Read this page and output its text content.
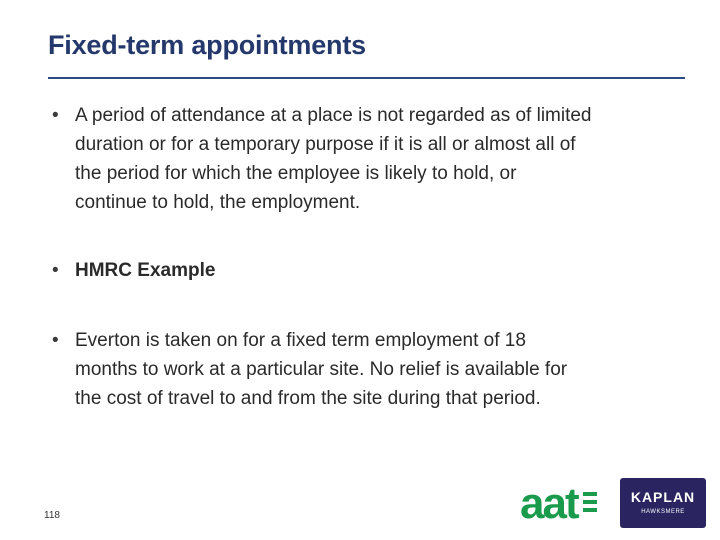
Fixed-term appointments
• A period of attendance at a place is not regarded as of limited
duration or for a temporary purpose if it is all or almost all of
the period for which the employee is likely to hold, or
continue to hold, the employment.
• HMRC Example
• Everton is taken on for a fixed term employment of 18
months to work at a particular site. No relief is available for
the cost of travel to and from the site during that period.
118	aat	KAPLAN
HAWKSMERE
